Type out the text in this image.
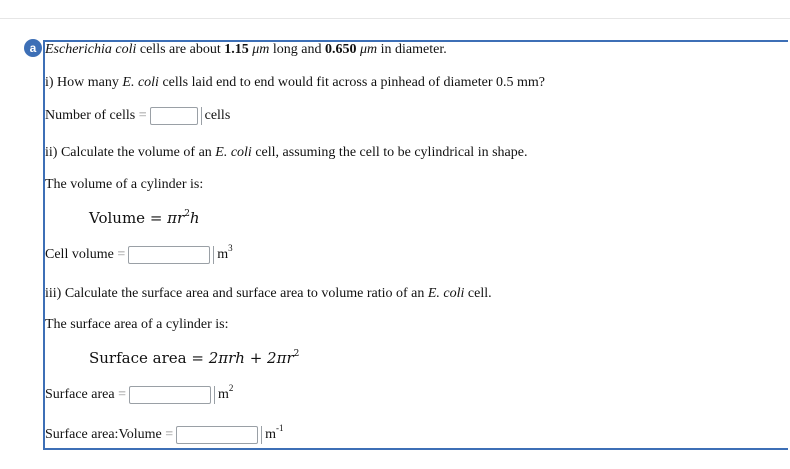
a Escherichia coli cells are about 1.15 μm long and 0.650 μm in diameter.
i) How many E. coli cells laid end to end would fit across a pinhead of diameter 0.5 mm?
Number of cells =	cells
ii) Calculate the volume of an E. coli cell, assuming the cell to be cylindrical in shape.
The volume of a cylinder is:
Volume = $\pi r^2h$
Cell volume =	$m^3$
iii) Calculate the surface area and surface area to volume ratio of an E. coli cell.
The surface area of a cylinder is:
Surface area = $2\pi rh + 2\pi r^2$
Surface area =	$m^2$
Surface area:Volume =	$m^{-1}$
